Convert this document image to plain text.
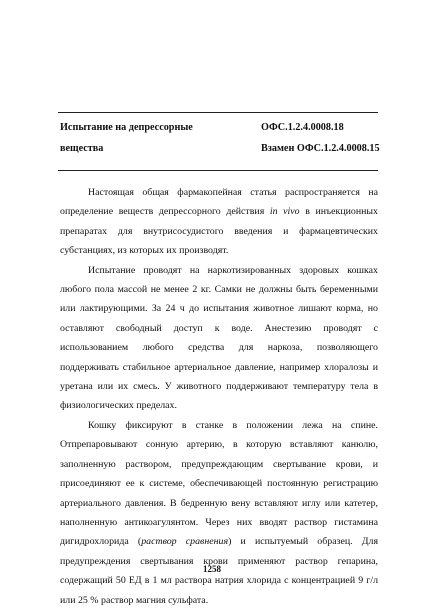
Испытание на депрессорные
вещества
ОФС.1.2.4.0008.18
Взамен ОФС.1.2.4.0008.15

Настоящая общая фармакопейная статья распространяется на определение веществ депрессорного действия in vivo в инъекционных препаратах для внутрисосудистого введения и фармацевтических субстанциях, из которых их производят.

Испытание проводят на наркотизированных здоровых кошках любого пола массой не менее 2 кг. Самки не должны быть беременными или лактирующими. За 24 ч до испытания животное лишают корма, но оставляют свободный доступ к воде. Анестезию проводят с использованием любого средства для наркоза, позволяющего поддерживать стабильное артериальное давление, например хлоралозы и уретана или их смесь. У животного поддерживают температуру тела в физиологических пределах.

Кошку фиксируют в станке в положении лежа на спине. Отпрепаровывают сонную артерию, в которую вставляют канюлю, заполненную раствором, предупреждающим свертывание крови, и присоединяют ее к системе, обеспечивающей постоянную регистрацию артериального давления. В бедренную вену вставляют иглу или катетер, наполненную антикоагулянтом. Через них вводят раствор гистамина дигидрохлорида (раствор сравнения) и испытуемый образец. Для предупреждения свертывания крови применяют раствор гепарина, содержащий 50 ЕД в 1 мл раствора натрия хлорида с концентрацией 9 г/л или 25 % раствор магния сульфата.

1258
